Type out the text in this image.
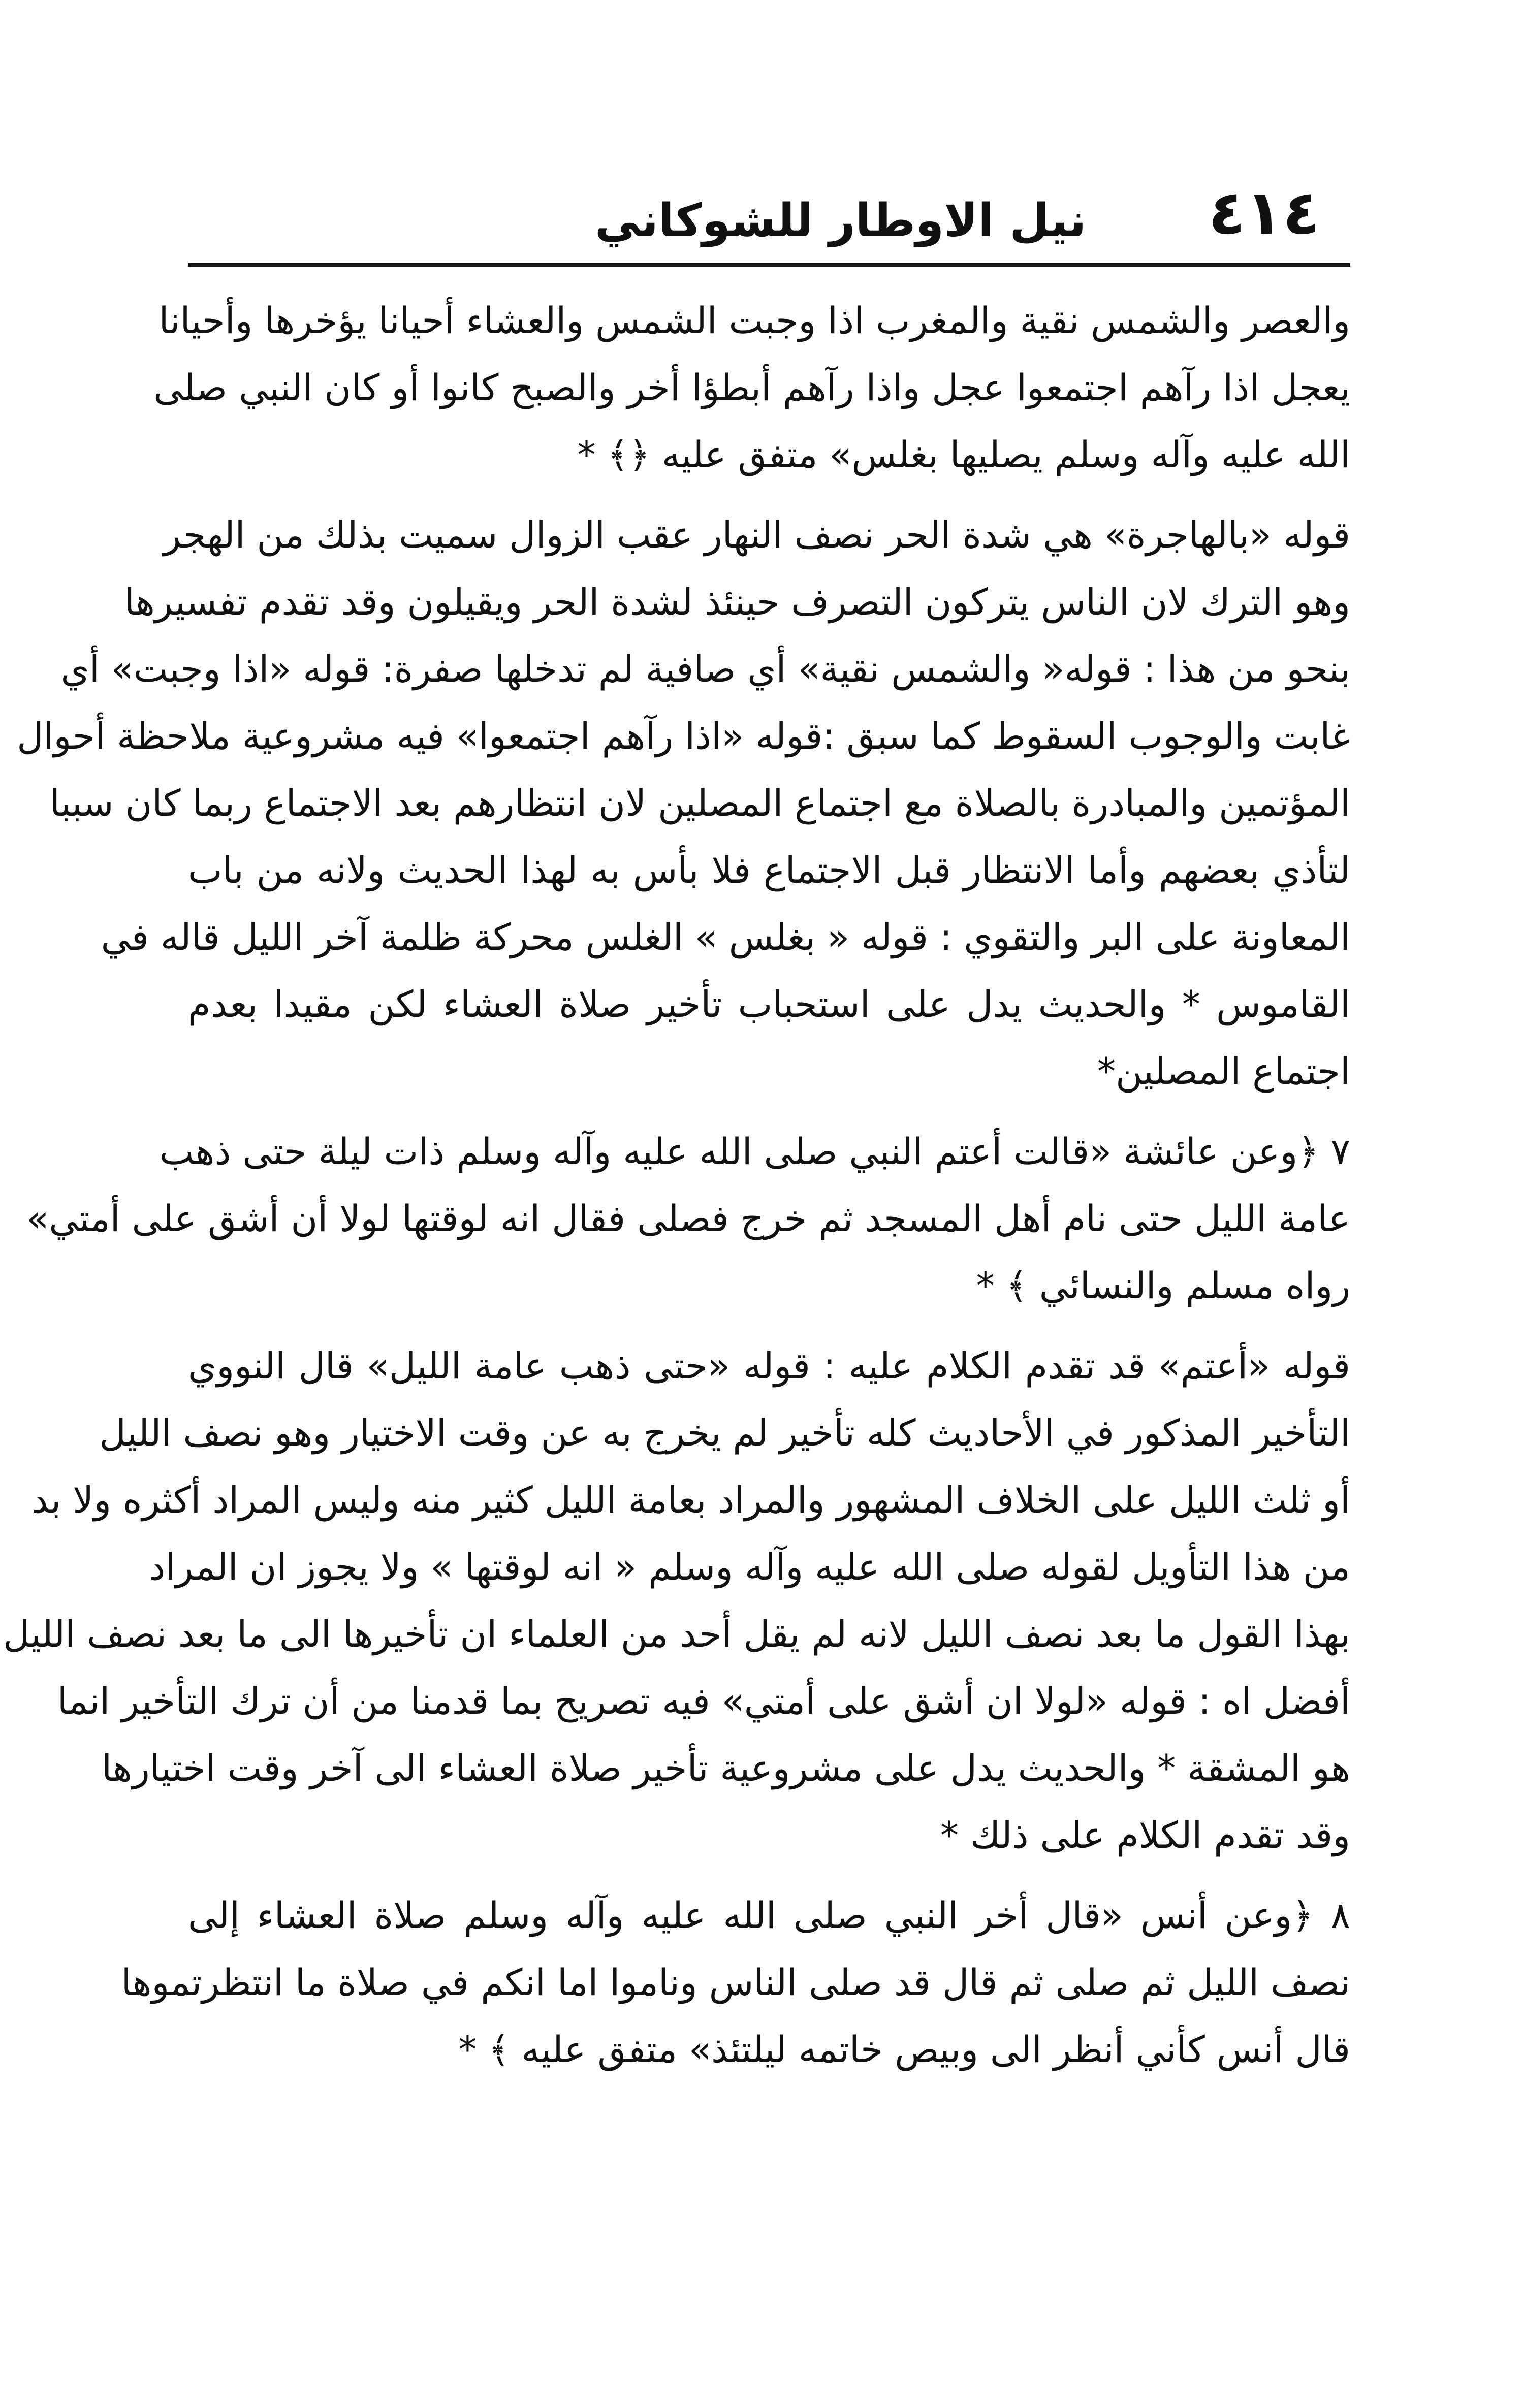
٤١٤
نيل الاوطار للشوكاني
والعصر والشمس نقية والمغرب اذا وجبت الشمس والعشاء أحيانا يؤخرها وأحيانا
يعجل اذا رآهم اجتمعوا عجل واذا رآهم أبطؤا أخر والصبح كانوا أو كان النبي صلى
الله عليه وآله وسلم يصليها بغلس» متفق عليه ﴿﴾ *
قوله «بالهاجرة» هي شدة الحر نصف النهار عقب الزوال سميت بذلك من الهجر
وهو الترك لان الناس يتركون التصرف حينئذ لشدة الحر ويقيلون وقد تقدم تفسيرها
بنحو من هذا : قوله« والشمس نقية» أي صافية لم تدخلها صفرة: قوله «اذا وجبت» أي
غابت والوجوب السقوط كما سبق :قوله «اذا رآهم اجتمعوا» فيه مشروعية ملاحظة أحوال
المؤتمين والمبادرة بالصلاة مع اجتماع المصلين لان انتظارهم بعد الاجتماع ربما كان سببا
لتأذي بعضهم وأما الانتظار قبل الاجتماع فلا بأس به لهذا الحديث ولانه من باب
المعاونة على البر والتقوي : قوله « بغلس » الغلس محركة ظلمة آخر الليل قاله في
القاموس * والحديث يدل على استحباب تأخير صلاة العشاء لكن مقيدا بعدم
اجتماع المصلين*
٧ ﴿وعن عائشة «قالت أعتم النبي صلى الله عليه وآله وسلم ذات ليلة حتى ذهب
عامة الليل حتى نام أهل المسجد ثم خرج فصلى فقال انه لوقتها لولا أن أشق على أمتي»
رواه مسلم والنسائي ﴾ *
قوله «أعتم» قد تقدم الكلام عليه : قوله «حتى ذهب عامة الليل» قال النووي
التأخير المذكور في الأحاديث كله تأخير لم يخرج به عن وقت الاختيار وهو نصف الليل
أو ثلث الليل على الخلاف المشهور والمراد بعامة الليل كثير منه وليس المراد أكثره ولا بد
من هذا التأويل لقوله صلى الله عليه وآله وسلم « انه لوقتها » ولا يجوز ان المراد
بهذا القول ما بعد نصف الليل لانه لم يقل أحد من العلماء ان تأخيرها الى ما بعد نصف الليل
أفضل اه : قوله «لولا ان أشق على أمتي» فيه تصريح بما قدمنا من أن ترك التأخير انما
هو المشقة * والحديث يدل على مشروعية تأخير صلاة العشاء الى آخر وقت اختيارها
وقد تقدم الكلام على ذلك *
٨ ﴿وعن أنس «قال أخر النبي صلى الله عليه وآله وسلم صلاة العشاء إلى
نصف الليل ثم صلى ثم قال قد صلى الناس وناموا اما انكم في صلاة ما انتظرتموها
قال أنس كأني أنظر الى وبيص خاتمه ليلتئذ» متفق عليه ﴾ *
